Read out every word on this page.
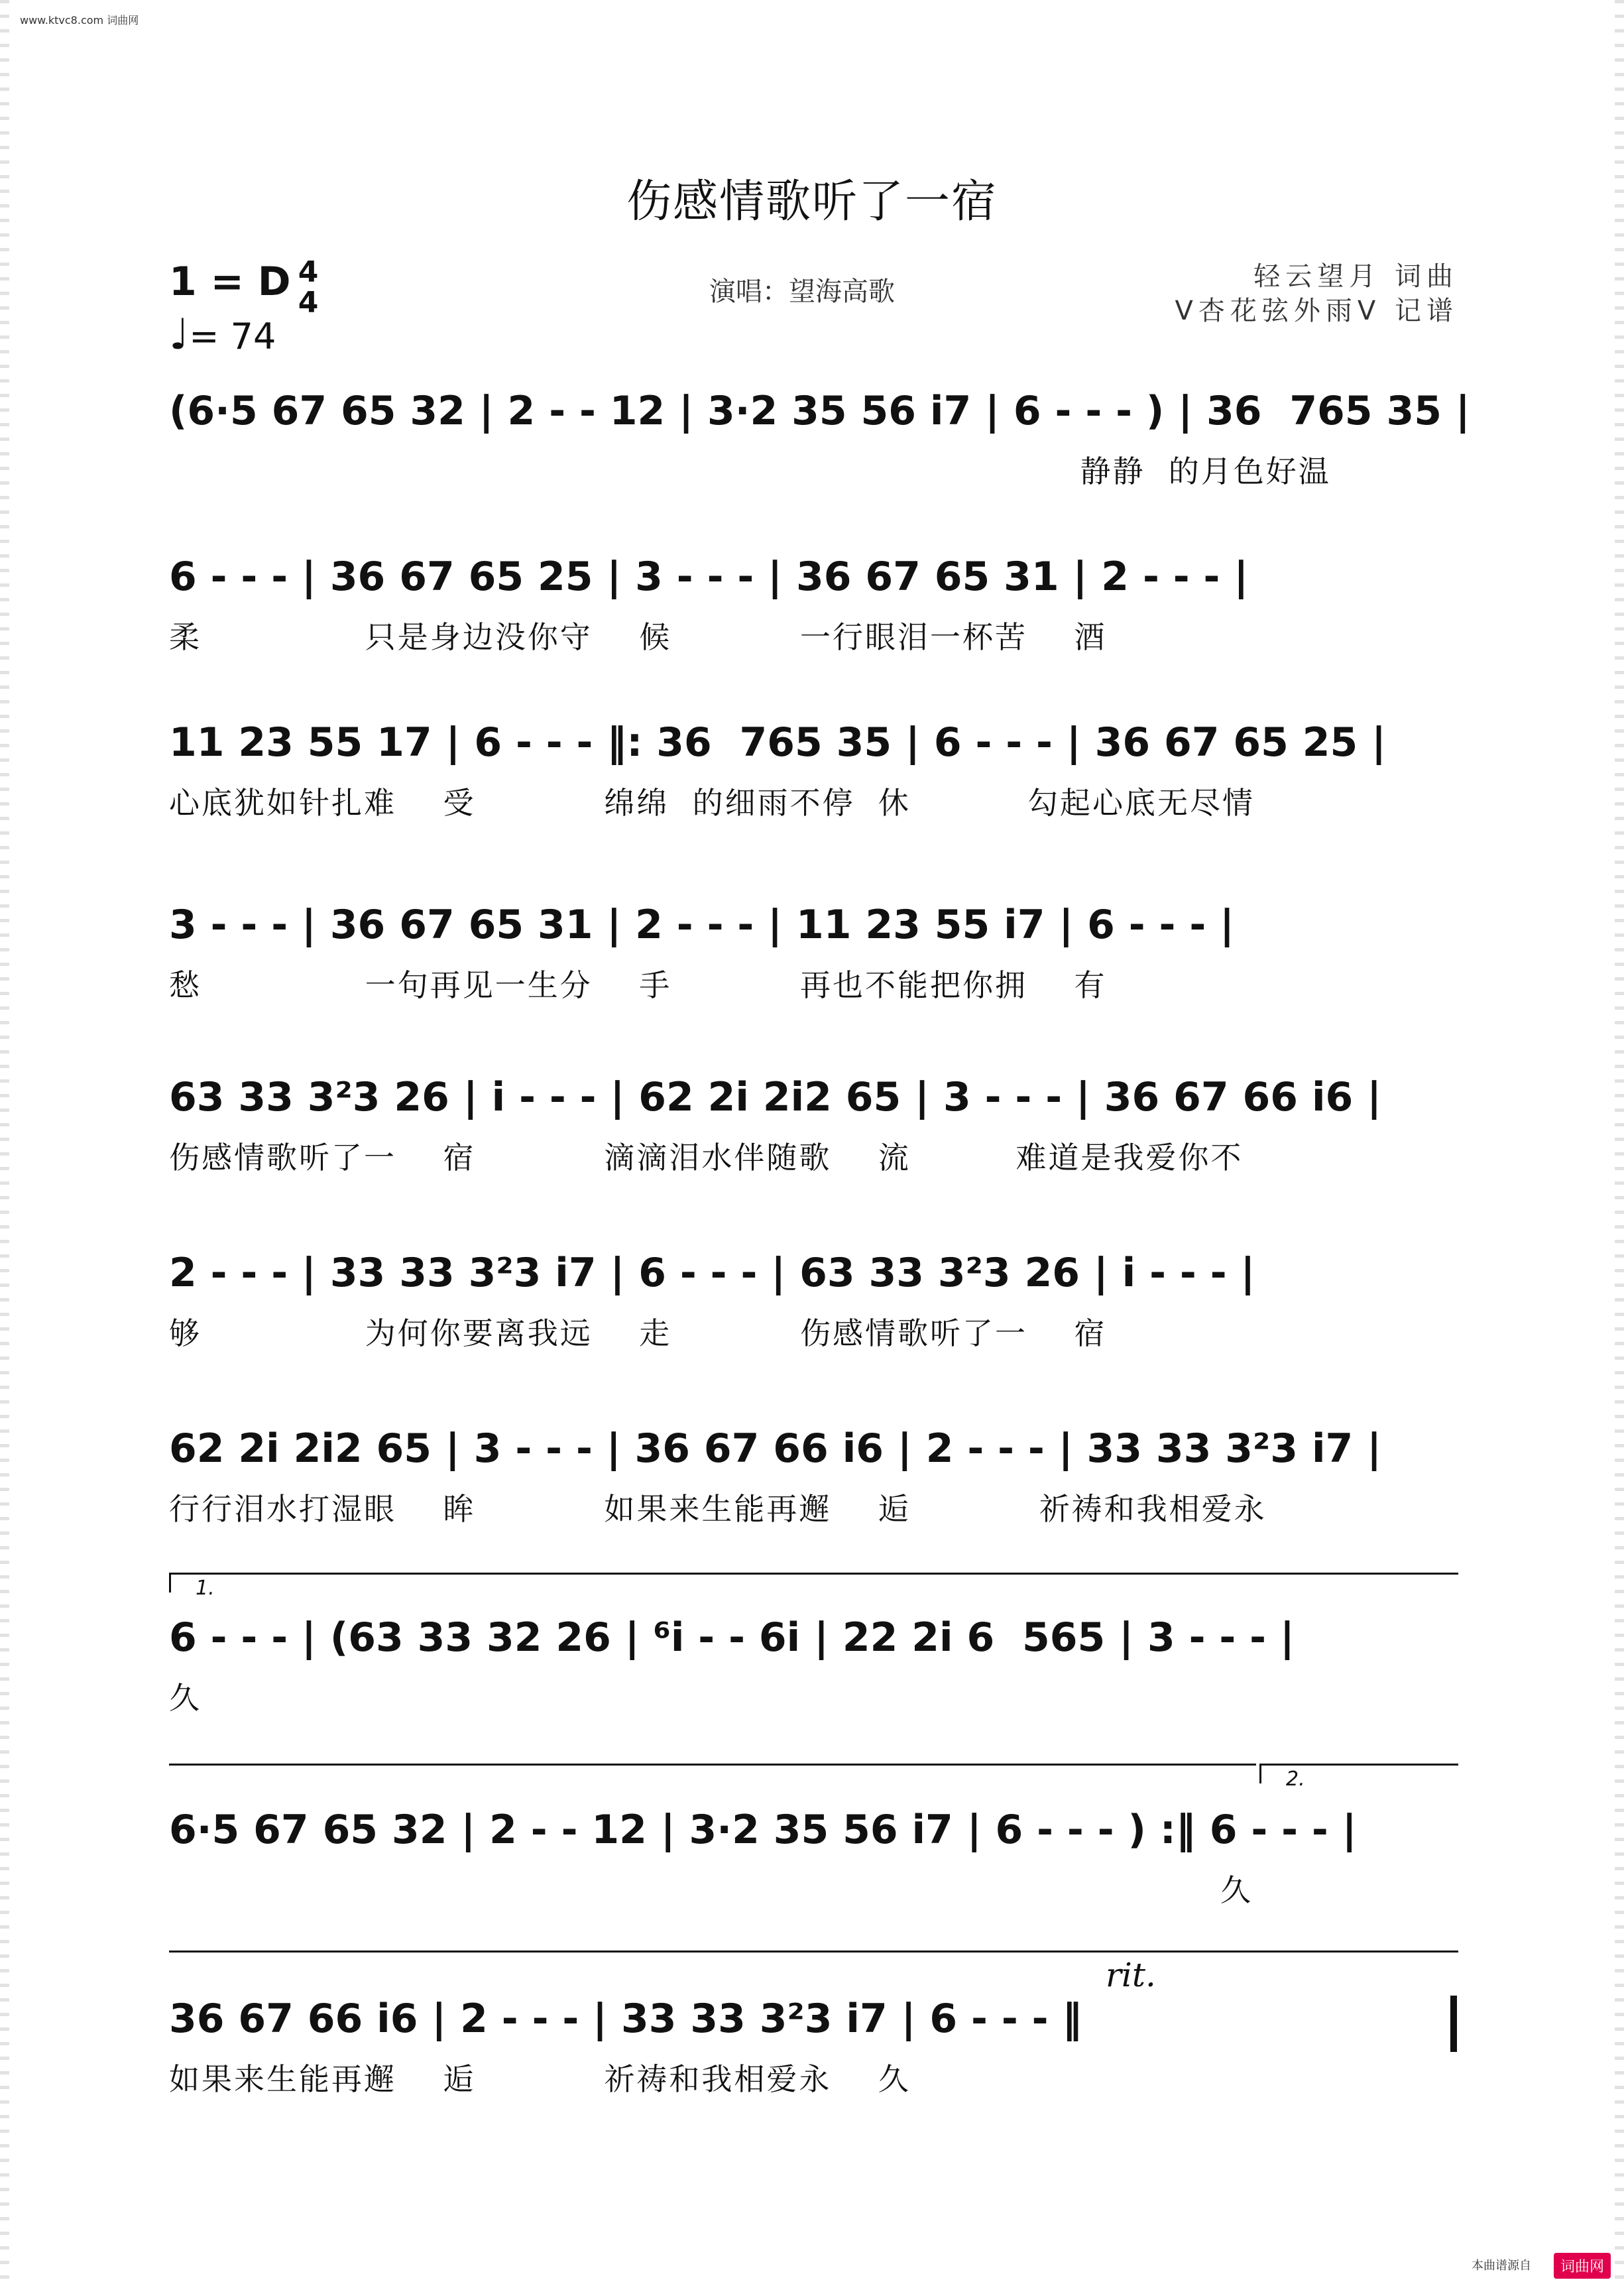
www.ktvc8.com 词曲网
伤感情歌听了一宿
1 = D 4
4
♩= 74
演唱：望海高歌	轻云望月 词曲
V杏花弦外雨V 记谱
(6·5 67 65 32 | 2 - - 12 | 3·2 35 56 i7 | 6 - - - ) | 36  765 35 |
静静  的月色好温
6 - - - | 36 67 65 25 | 3 - - - | 36 67 65 31 | 2 - - - |
柔              只是身边没你守    候           一行眼泪一杯苦    酒
11 23 55 17 | 6 - - - ‖: 36  765 35 | 6 - - - | 36 67 65 25 |
心底犹如针扎难    受           绵绵  的细雨不停  休          勾起心底无尽情
3 - - - | 36 67 65 31 | 2 - - - | 11 23 55 i7 | 6 - - - |
愁              一句再见一生分    手           再也不能把你拥    有
63 33 3²3 26 | i - - - | 62 2i 2i2 65 | 3 - - - | 36 67 66 i6 |
伤感情歌听了一    宿           滴滴泪水伴随歌    流         难道是我爱你不
2 - - - | 33 33 3²3 i7 | 6 - - - | 63 33 3²3 26 | i - - - |
够              为何你要离我远    走           伤感情歌听了一    宿
62 2i 2i2 65 | 3 - - - | 36 67 66 i6 | 2 - - - | 33 33 3²3 i7 |
行行泪水打湿眼    眸           如果来生能再邂    逅           祈祷和我相爱永
1.
6 - - - | (63 33 32 26 | ⁶i - - 6i | 22 2i 6  565 | 3 - - - |
久
2.
6·5 67 65 32 | 2 - - 12 | 3·2 35 56 i7 | 6 - - - ) :‖ 6 - - - |
久
rit.
36 67 66 i6 | 2 - - - | 33 33 3²3 i7 | 6 - - - ‖
如果来生能再邂    逅           祈祷和我相爱永    久
本曲谱源自	词曲网
